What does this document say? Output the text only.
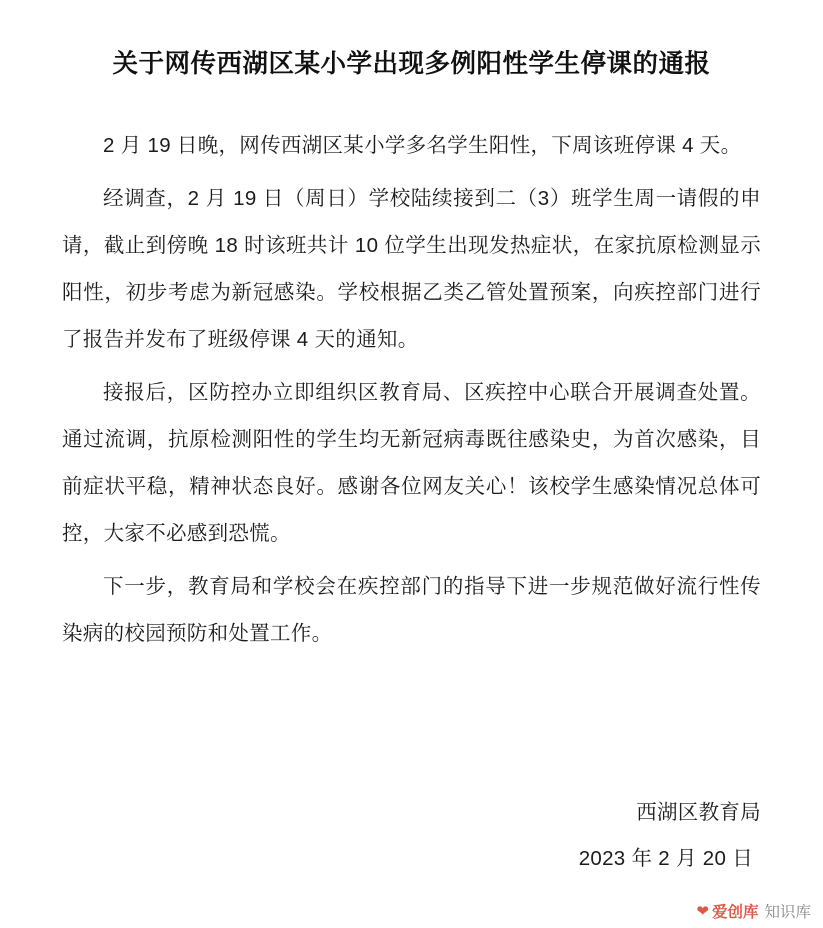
关于网传西湖区某小学出现多例阳性学生停课的通报

2 月 19 日晚，网传西湖区某小学多名学生阳性，下周该班停课 4 天。

经调查，2 月 19 日（周日）学校陆续接到二（3）班学生周一请假的申请，截止到傍晚 18 时该班共计 10 位学生出现发热症状，在家抗原检测显示阳性，初步考虑为新冠感染。学校根据乙类乙管处置预案，向疾控部门进行了报告并发布了班级停课 4 天的通知。

接报后，区防控办立即组织区教育局、区疾控中心联合开展调查处置。通过流调，抗原检测阳性的学生均无新冠病毒既往感染史，为首次感染，目前症状平稳，精神状态良好。感谢各位网友关心！该校学生感染情况总体可控，大家不必感到恐慌。

下一步，教育局和学校会在疾控部门的指导下进一步规范做好流行性传染病的校园预防和处置工作。

西湖区教育局
2023 年 2 月 20 日
❤ 爱创库 知识库
